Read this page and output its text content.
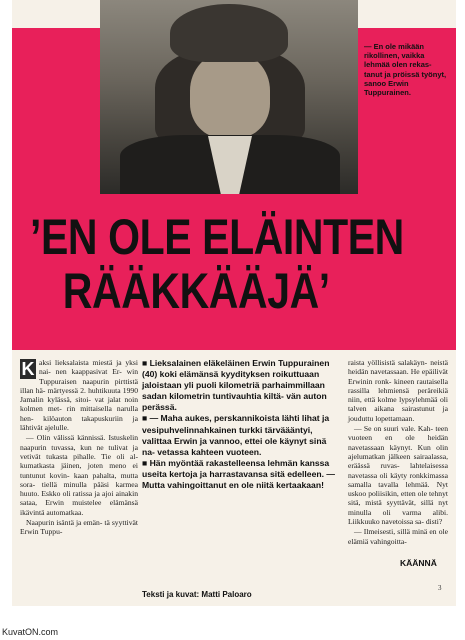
— En ole mikään rikollinen, vaikka lehmää olen rekas- tanut ja pröissä työnyt, sanoo Erwin Tuppurainen.
’EN OLE ELÄINTEN
RÄÄKKÄÄJÄ’
K aksi lieksalaista miestä ja yksi nai- nen kaappasivat Er- win Tuppuraisen naapurin pirttistä illan hä- märtyessä 2. huhtikuuta 1990 Jamalin kylässä, sitoi- vat jalat noin kolmen met- rin mittaisella narulla hen- kilöauton takapuskuriin ja lähtivät ajelulle.

— Olin välissä kännissä. Istuskelin naapurin tuvassa, kun ne tulivat ja vetivät tukasta pihalle. Tie oli al- kumatkasta jäinen, joten meno ei tuntunut kovin- kaan pahalta, mutta sora- tiellä minulla pääsi karmea huuto. Eskko oli ratissa ja ajoi ainakin sataa, Erwin muistelee elämänsä ikävintä automatkaa.

Naapurin isäntä ja emän- tä syyttivät Erwin Tuppu-

■ Lieksalainen eläkeläinen Erwin Tuppurainen (40) koki elämänsä kyydityksen roikuttuaan jaloistaan yli puoli kilometriä parhaimmillaan sadan kilometrin tuntivauhtia kiltä- vän auton perässä.

■ — Maha aukes, perskannikoista lähti lihat ja vesipuhvelinnahkainen turkki tärväääntyi, valittaa Erwin ja vannoo, ettei ole käynyt sinä na- vetassa kahteen vuoteen.

■ Hän myöntää rakastelleensa lehmän kanssa useita kertoja ja harrastavansa sitä edelleen. — Mutta vahingoittanut en ole niitä kertaakaan!

Teksti ja kuvat: Matti Paloaro

raista yöllisistä salakäyn- neistä heidän navetassaan. He epäilivät Erwinin ronk- kineen rautaisella rassilla lehmiensä peräreikiä niin, että kolme lypsylehmää oli talven aikana sairastunut ja jouduttu lopettamaan.

— Se on suuri vale. Kah- teen vuoteen en ole heidän navetassaan käynyt. Kun olin ajelumatkan jälkeen sairaalassa, eräässä ruvas- lahtelaisessa navetassa oli käyty ronkkimassa samalla tavalla lehmää. Nyt uskoo poliisikin, etten ole tehnyt sitä, mistä syyttävät, sillä nyt minulla oli varma alibi. Liikkuuko navetoissa sa- disti?

— Ilmeisesti, sillä minä en ole elämiä vahingoitta-

KÄÄNNÄ
3
KuvatON.com
